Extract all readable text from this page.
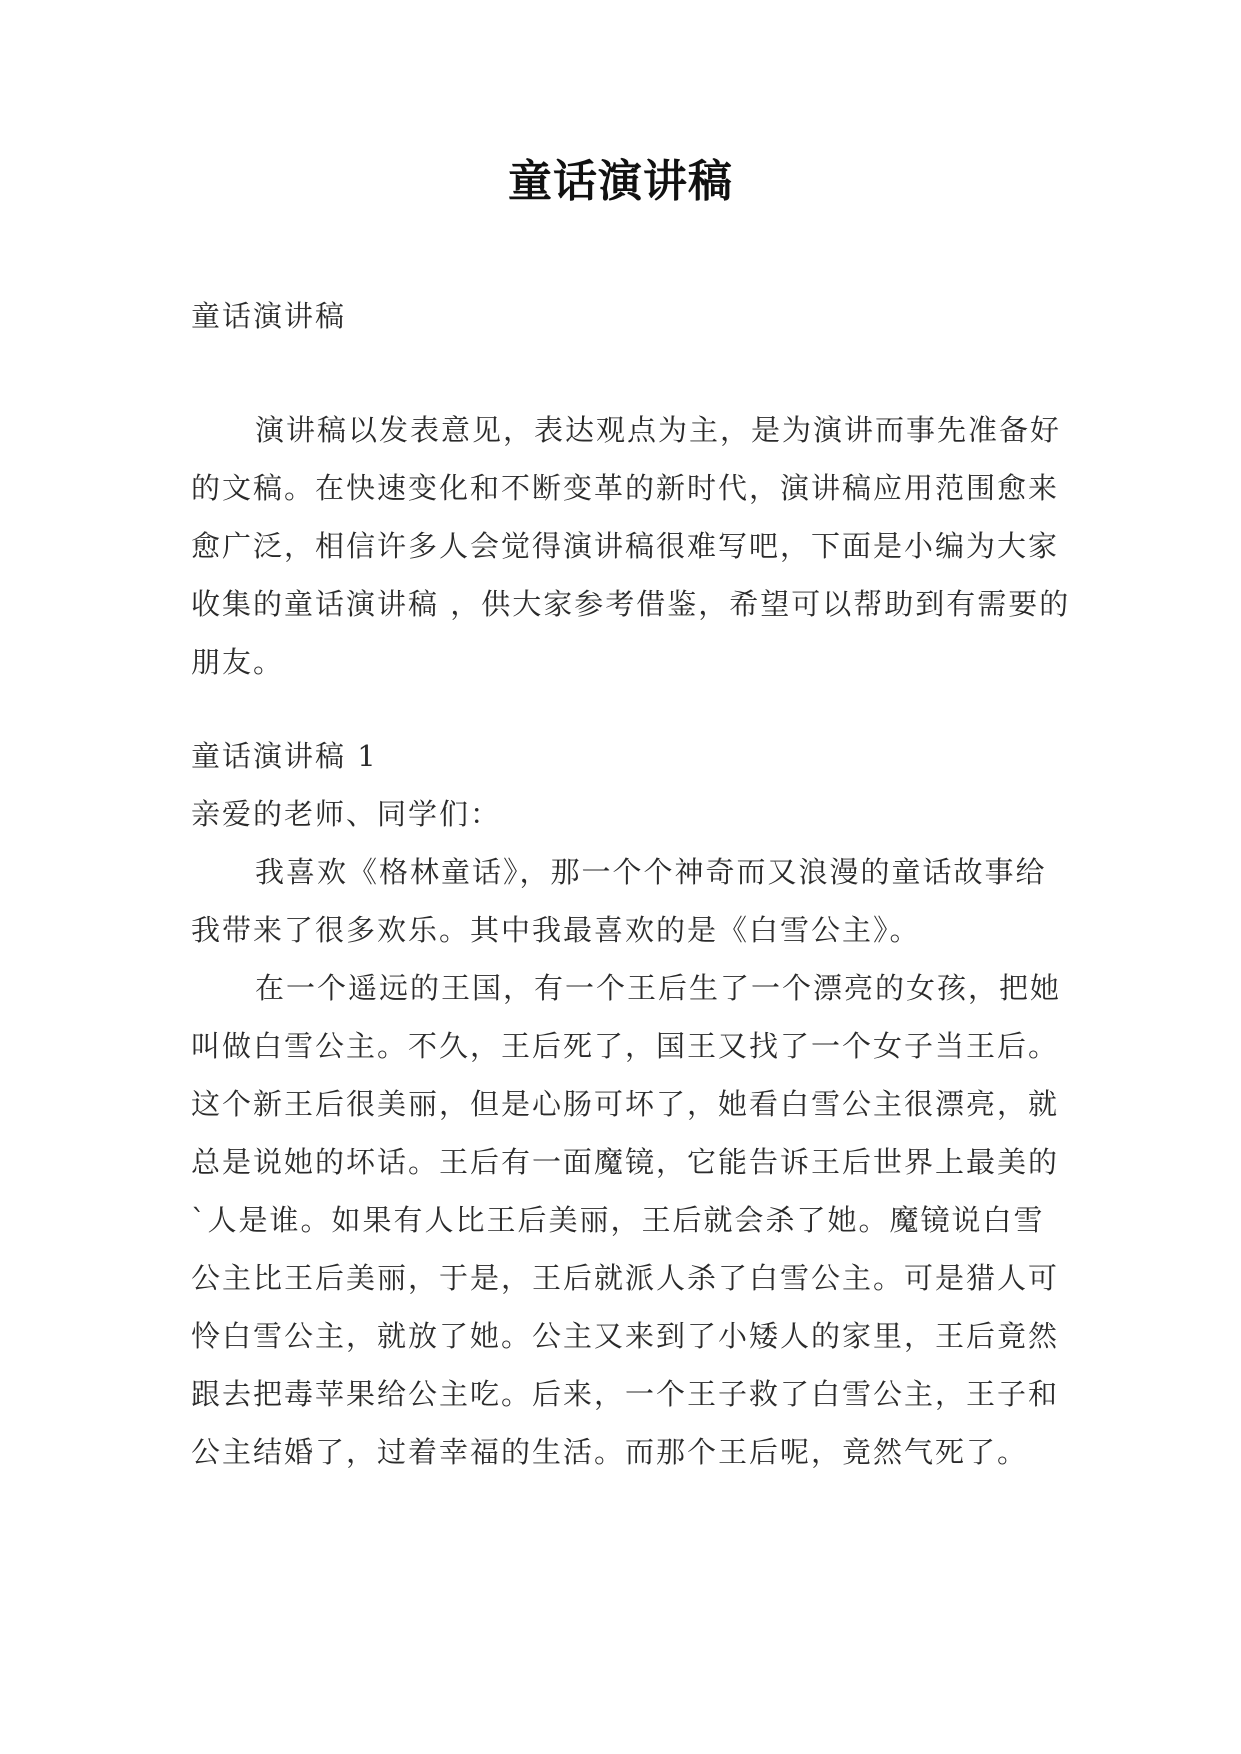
童话演讲稿

童话演讲稿

演讲稿以发表意见，表达观点为主，是为演讲而事先准备好的文稿。在快速变化和不断变革的新时代，演讲稿应用范围愈来愈广泛，相信许多人会觉得演讲稿很难写吧，下面是小编为大家收集的童话演讲稿 ，供大家参考借鉴，希望可以帮助到有需要的朋友。

童话演讲稿 1

亲爱的老师、同学们：

我喜欢《格林童话》，那一个个神奇而又浪漫的童话故事给我带来了很多欢乐。其中我最喜欢的是《白雪公主》。

在一个遥远的王国，有一个王后生了一个漂亮的女孩，把她叫做白雪公主。不久，王后死了，国王又找了一个女子当王后。这个新王后很美丽，但是心肠可坏了，她看白雪公主很漂亮，就总是说她的坏话。王后有一面魔镜，它能告诉王后世界上最美的`人是谁。如果有人比王后美丽，王后就会杀了她。魔镜说白雪公主比王后美丽，于是，王后就派人杀了白雪公主。可是猎人可怜白雪公主，就放了她。公主又来到了小矮人的家里，王后竟然跟去把毒苹果给公主吃。后来，一个王子救了白雪公主，王子和公主结婚了，过着幸福的生活。而那个王后呢，竟然气死了。
